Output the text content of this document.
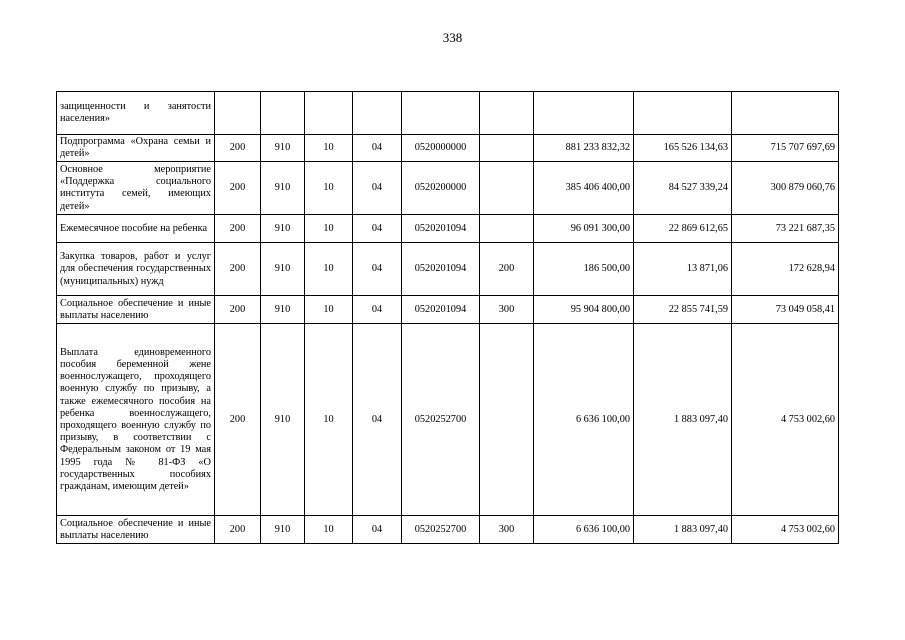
338
защищенности и занятости населения»									
Подпрограмма «Охрана семьи и детей»	200	910	10	04	0520000000		881 233 832,32	165 526 134,63	715 707 697,69
Основное мероприятие «Поддержка социального института семей, имеющих детей»	200	910	10	04	0520200000		385 406 400,00	84 527 339,24	300 879 060,76
Ежемесячное пособие на ребенка	200	910	10	04	0520201094		96 091 300,00	22 869 612,65	73 221 687,35
Закупка товаров, работ и услуг для обеспечения государственных (муниципальных) нужд	200	910	10	04	0520201094	200	186 500,00	13 871,06	172 628,94
Социальное обеспечение и иные выплаты населению	200	910	10	04	0520201094	300	95 904 800,00	22 855 741,59	73 049 058,41
Выплата единовременного пособия беременной жене военнослужащего, проходящего военную службу по призыву, а также ежемесячного пособия на ребенка военнослужащего, проходящего военную службу по призыву, в соответствии с Федеральным законом от 19 мая 1995 года № 81-ФЗ «О государственных пособиях гражданам, имеющим детей»	200	910	10	04	0520252700		6 636 100,00	1 883 097,40	4 753 002,60
Социальное обеспечение и иные выплаты населению	200	910	10	04	0520252700	300	6 636 100,00	1 883 097,40	4 753 002,60
